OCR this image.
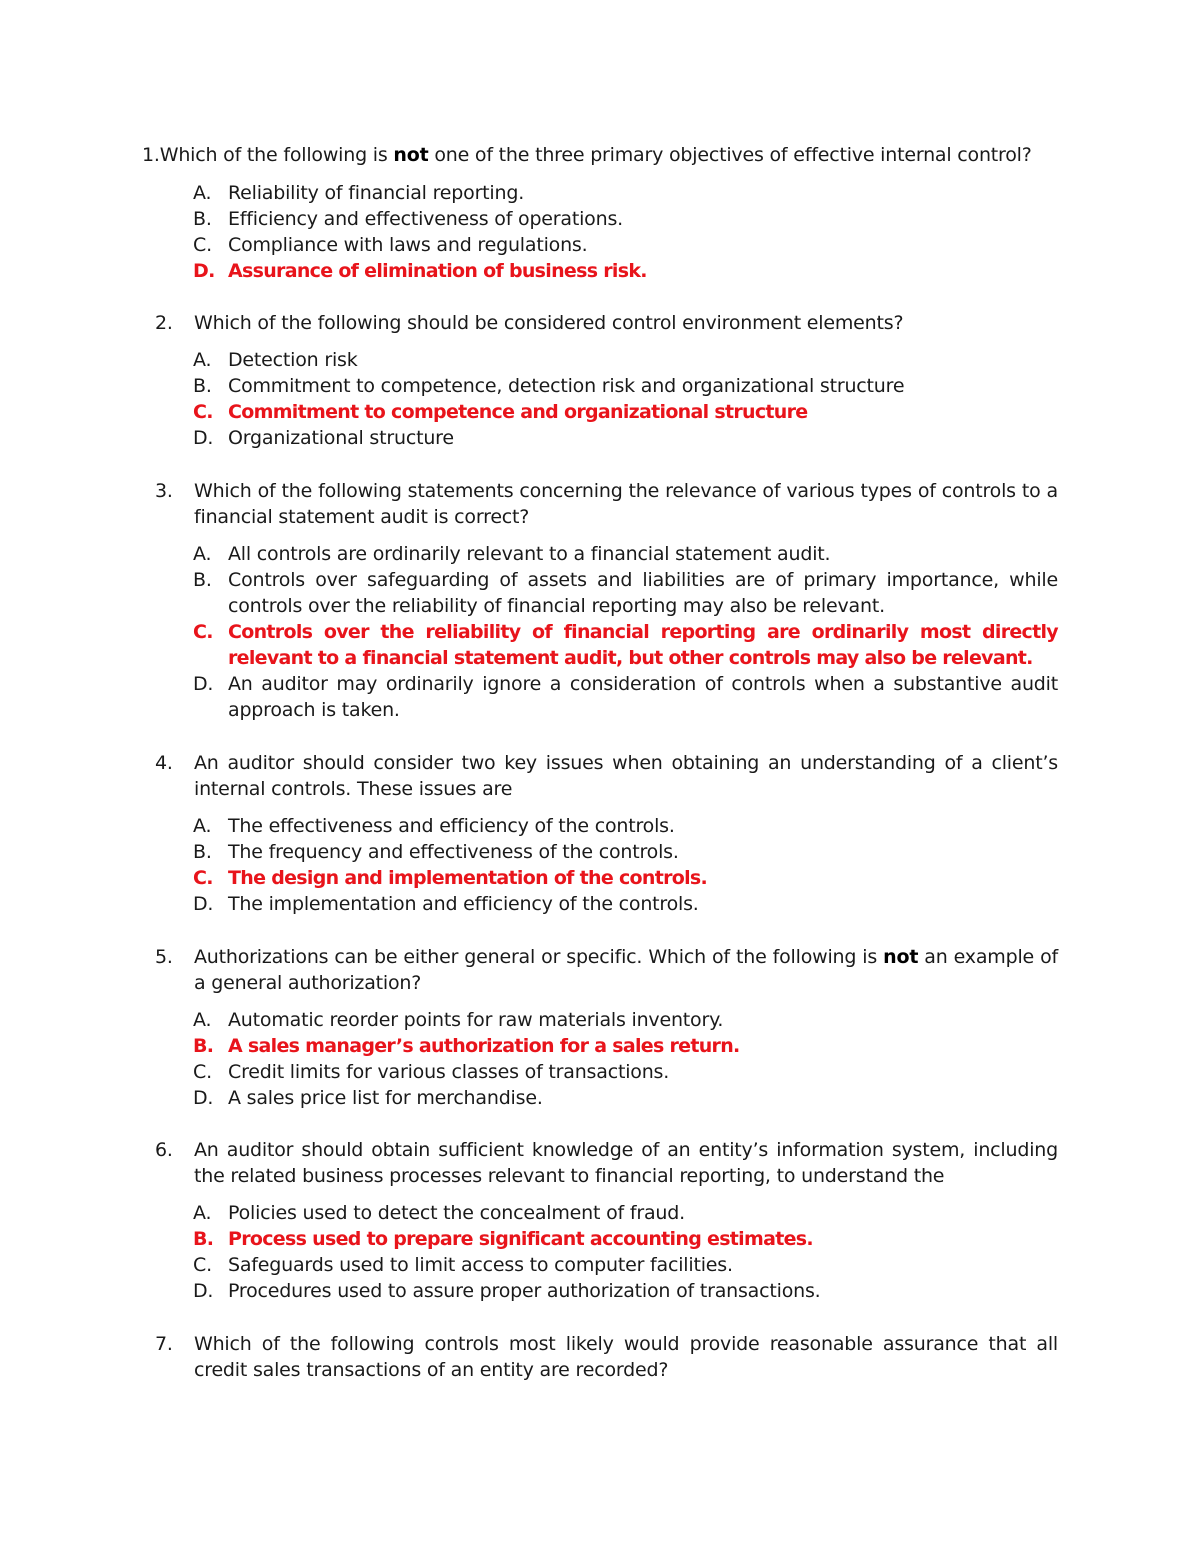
1.Which of the following is not one of the three primary objectives of effective internal control?
A. Reliability of financial reporting.
B. Efficiency and effectiveness of operations.
C. Compliance with laws and regulations.
D. Assurance of elimination of business risk.
2.	Which of the following should be considered control environment elements?
A. Detection risk
B. Commitment to competence, detection risk and organizational structure
C. Commitment to competence and organizational structure
D. Organizational structure
3.	Which of the following statements concerning the relevance of various types of controls to a financial statement audit is correct?
A. All controls are ordinarily relevant to a financial statement audit.
B. Controls over safeguarding of assets and liabilities are of primary importance, while controls over the reliability of financial reporting may also be relevant.
C. Controls over the reliability of financial reporting are ordinarily most directly relevant to a financial statement audit, but other controls may also be relevant.
D. An auditor may ordinarily ignore a consideration of controls when a substantive audit approach is taken.
4.	An auditor should consider two key issues when obtaining an understanding of a client’s internal controls. These issues are
A. The effectiveness and efficiency of the controls.
B. The frequency and effectiveness of the controls.
C. The design and implementation of the controls.
D. The implementation and efficiency of the controls.
5.	Authorizations can be either general or specific. Which of the following is not an example of a general authorization?
A. Automatic reorder points for raw materials inventory.
B. A sales manager’s authorization for a sales return.
C. Credit limits for various classes of transactions.
D. A sales price list for merchandise.
6.	An auditor should obtain sufficient knowledge of an entity’s information system, including the related business processes relevant to financial reporting, to understand the
A. Policies used to detect the concealment of fraud.
B. Process used to prepare significant accounting estimates.
C. Safeguards used to limit access to computer facilities.
D. Procedures used to assure proper authorization of transactions.
7.	Which of the following controls most likely would provide reasonable assurance that all credit sales transactions of an entity are recorded?
